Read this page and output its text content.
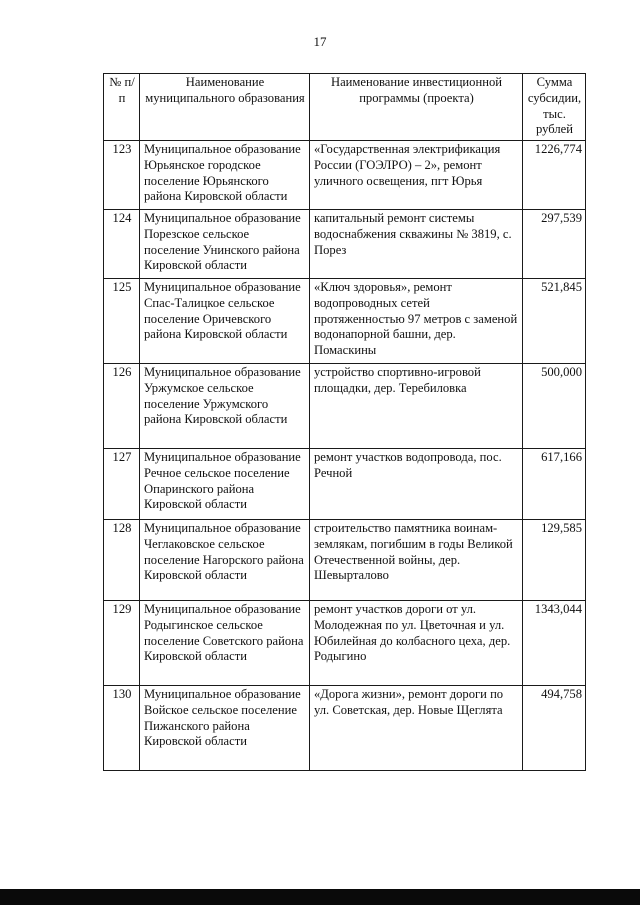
17
№ п/п	Наименование муниципального образования	Наименование инвестиционной программы (проекта)	Сумма субсидии, тыс. рублей
123	Муниципальное образование Юрьянское городское поселение Юрьянского района Кировской области	«Государственная электрификация России (ГОЭЛРО) – 2», ремонт уличного освещения, пгт Юрья	1226,774
124	Муниципальное образование Порезское сельское поселение Унинского района Кировской области	капитальный ремонт системы водоснабжения скважины № 3819, с. Порез	297,539
125	Муниципальное образование Спас-Талицкое сельское поселение Оричевского района Кировской области	«Ключ здоровья», ремонт водопроводных сетей протяженностью 97 метров с заменой водонапорной башни, дер. Помаскины	521,845
126	Муниципальное образование Уржумское сельское поселение Уржумского района Кировской области	устройство спортивно-игровой площадки, дер. Теребиловка	500,000
127	Муниципальное образование Речное сельское поселение Опаринского района Кировской области	ремонт участков водопровода, пос. Речной	617,166
128	Муниципальное образование Чеглаковское сельское поселение Нагорского района Кировской области	строительство памятника воинам-землякам, погибшим в годы Великой Отечественной войны, дер. Шевырталово	129,585
129	Муниципальное образование Родыгинское сельское поселение Советского района Кировской области	ремонт участков дороги от ул. Молодежная по ул. Цветочная и ул. Юбилейная до колбасного цеха, дер. Родыгино	1343,044
130	Муниципальное образование Войское сельское поселение Пижанского района Кировской области	«Дорога жизни», ремонт дороги по ул. Советская, дер. Новые Щеглята	494,758
